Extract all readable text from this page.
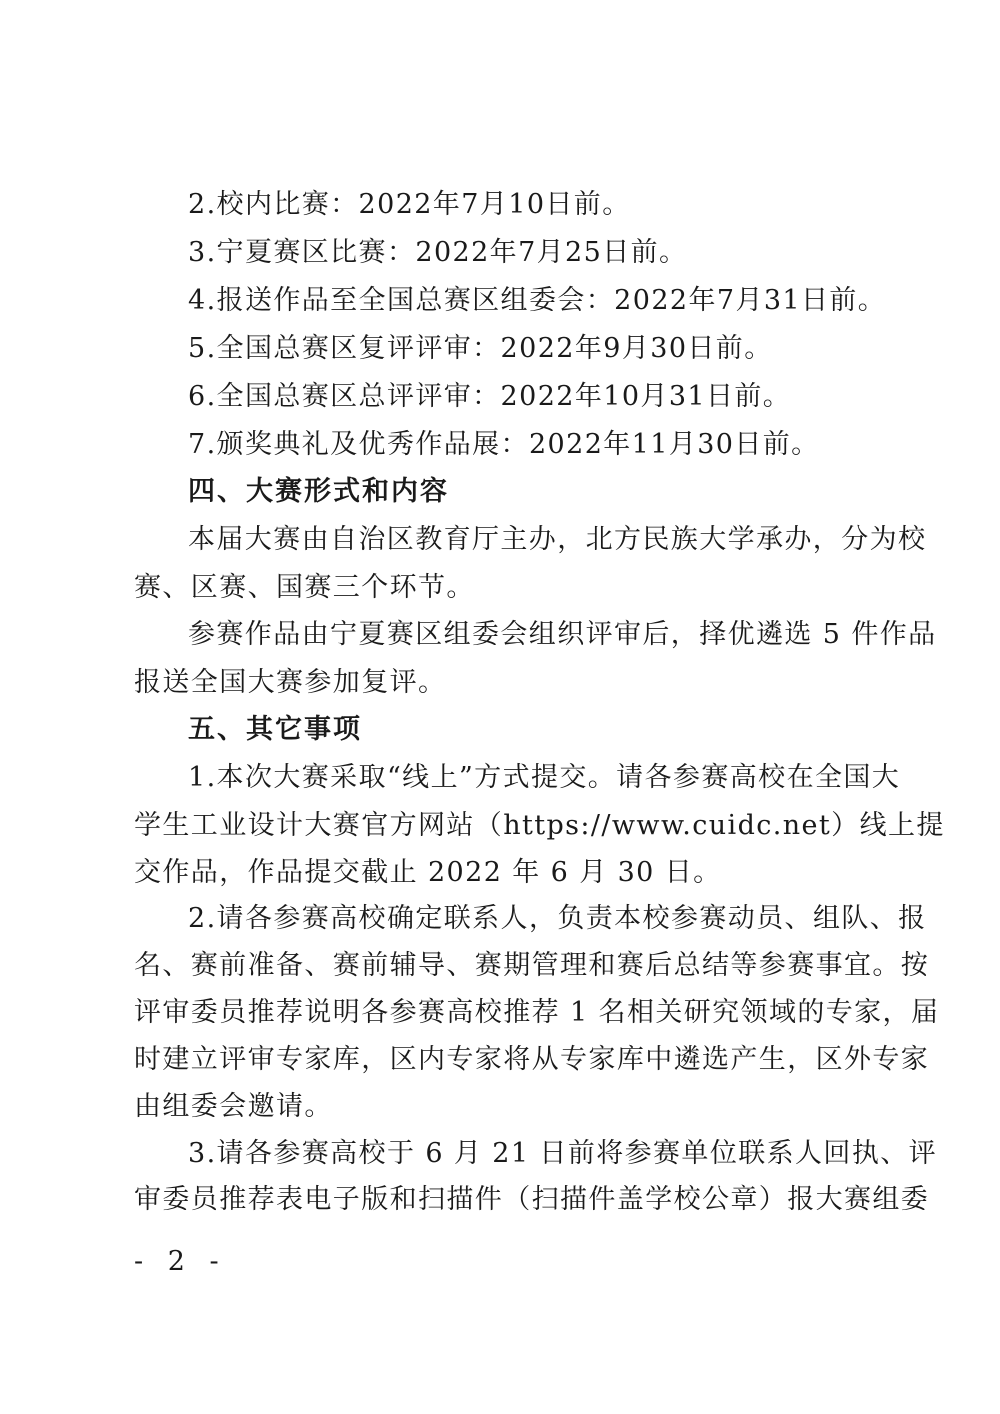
2.校内比赛：2022年7月10日前。
3.宁夏赛区比赛：2022年7月25日前。
4.报送作品至全国总赛区组委会：2022年7月31日前。
5.全国总赛区复评评审：2022年9月30日前。
6.全国总赛区总评评审：2022年10月31日前。
7.颁奖典礼及优秀作品展：2022年11月30日前。
四、大赛形式和内容
本届大赛由自治区教育厅主办，北方民族大学承办，分为校
赛、区赛、国赛三个环节。
参赛作品由宁夏赛区组委会组织评审后，择优遴选 5 件作品
报送全国大赛参加复评。
五、其它事项
1.本次大赛采取“线上”方式提交。请各参赛高校在全国大
学生工业设计大赛官方网站（https://www.cuidc.net）线上提
交作品，作品提交截止 2022 年 6 月 30 日。
2.请各参赛高校确定联系人，负责本校参赛动员、组队、报
名、赛前准备、赛前辅导、赛期管理和赛后总结等参赛事宜。按
评审委员推荐说明各参赛高校推荐 1 名相关研究领域的专家，届
时建立评审专家库，区内专家将从专家库中遴选产生，区外专家
由组委会邀请。
3.请各参赛高校于 6 月 21 日前将参赛单位联系人回执、评
审委员推荐表电子版和扫描件（扫描件盖学校公章）报大赛组委
- 2 -
